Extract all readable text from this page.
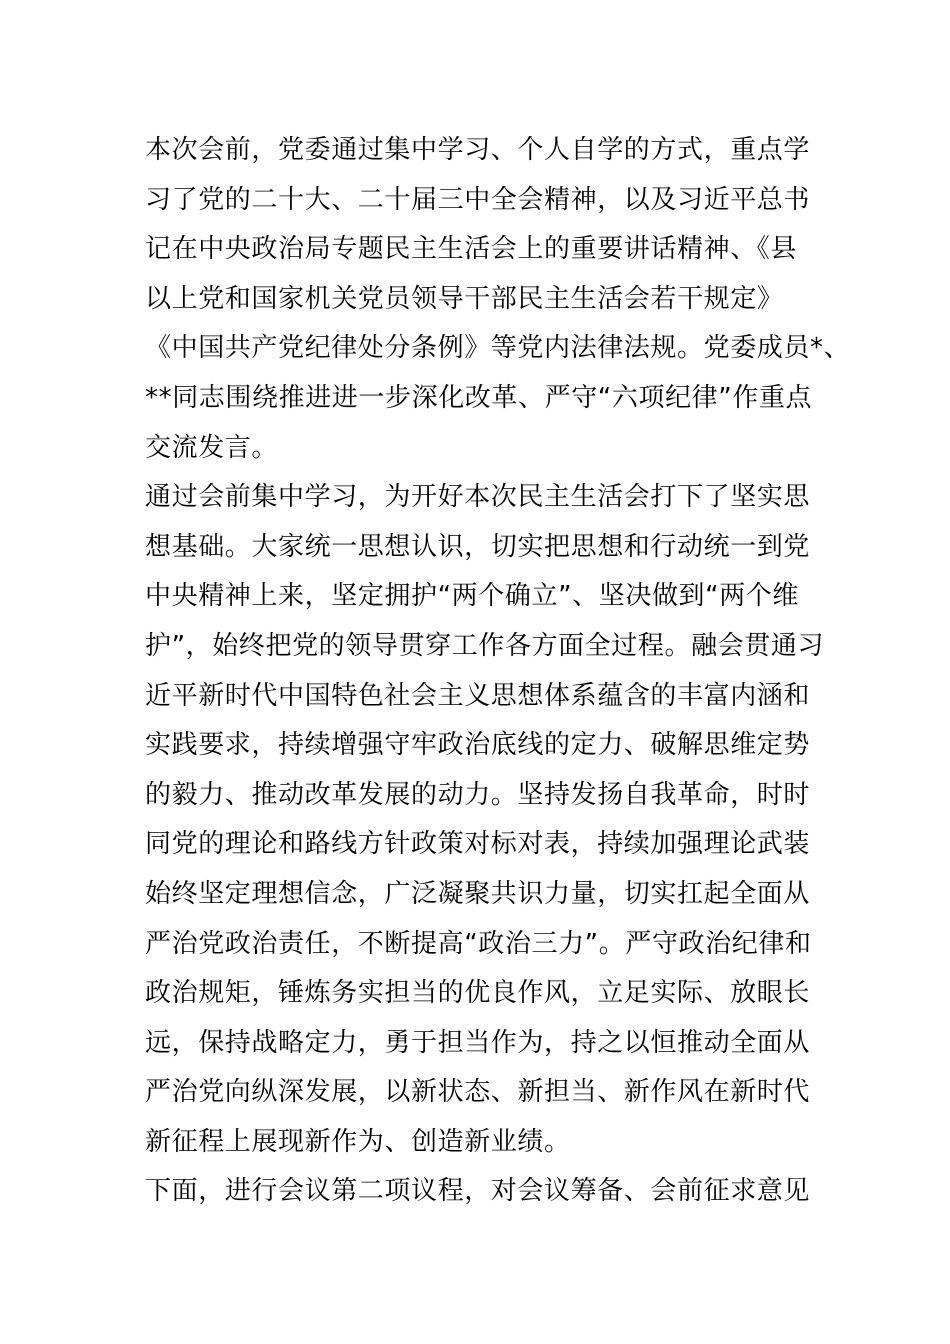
本次会前，党委通过集中学习、个人自学的方式，重点学
习了党的二十大、二十届三中全会精神，以及习近平总书
记在中央政治局专题民主生活会上的重要讲话精神、《县
以上党和国家机关党员领导干部民主生活会若干规定》
《中国共产党纪律处分条例》等党内法律法规。党委成员*、
**同志围绕推进进一步深化改革、严守“六项纪律”作重点
交流发言。
通过会前集中学习，为开好本次民主生活会打下了坚实思
想基础。大家统一思想认识，切实把思想和行动统一到党
中央精神上来，坚定拥护“两个确立”、坚决做到“两个维
护”，始终把党的领导贯穿工作各方面全过程。融会贯通习
近平新时代中国特色社会主义思想体系蕴含的丰富内涵和
实践要求，持续增强守牢政治底线的定力、破解思维定势
的毅力、推动改革发展的动力。坚持发扬自我革命，时时
同党的理论和路线方针政策对标对表，持续加强理论武装
始终坚定理想信念，广泛凝聚共识力量，切实扛起全面从
严治党政治责任，不断提高“政治三力”。严守政治纪律和
政治规矩，锤炼务实担当的优良作风，立足实际、放眼长
远，保持战略定力，勇于担当作为，持之以恒推动全面从
严治党向纵深发展，以新状态、新担当、新作风在新时代
新征程上展现新作为、创造新业绩。
下面，进行会议第二项议程，对会议筹备、会前征求意见
